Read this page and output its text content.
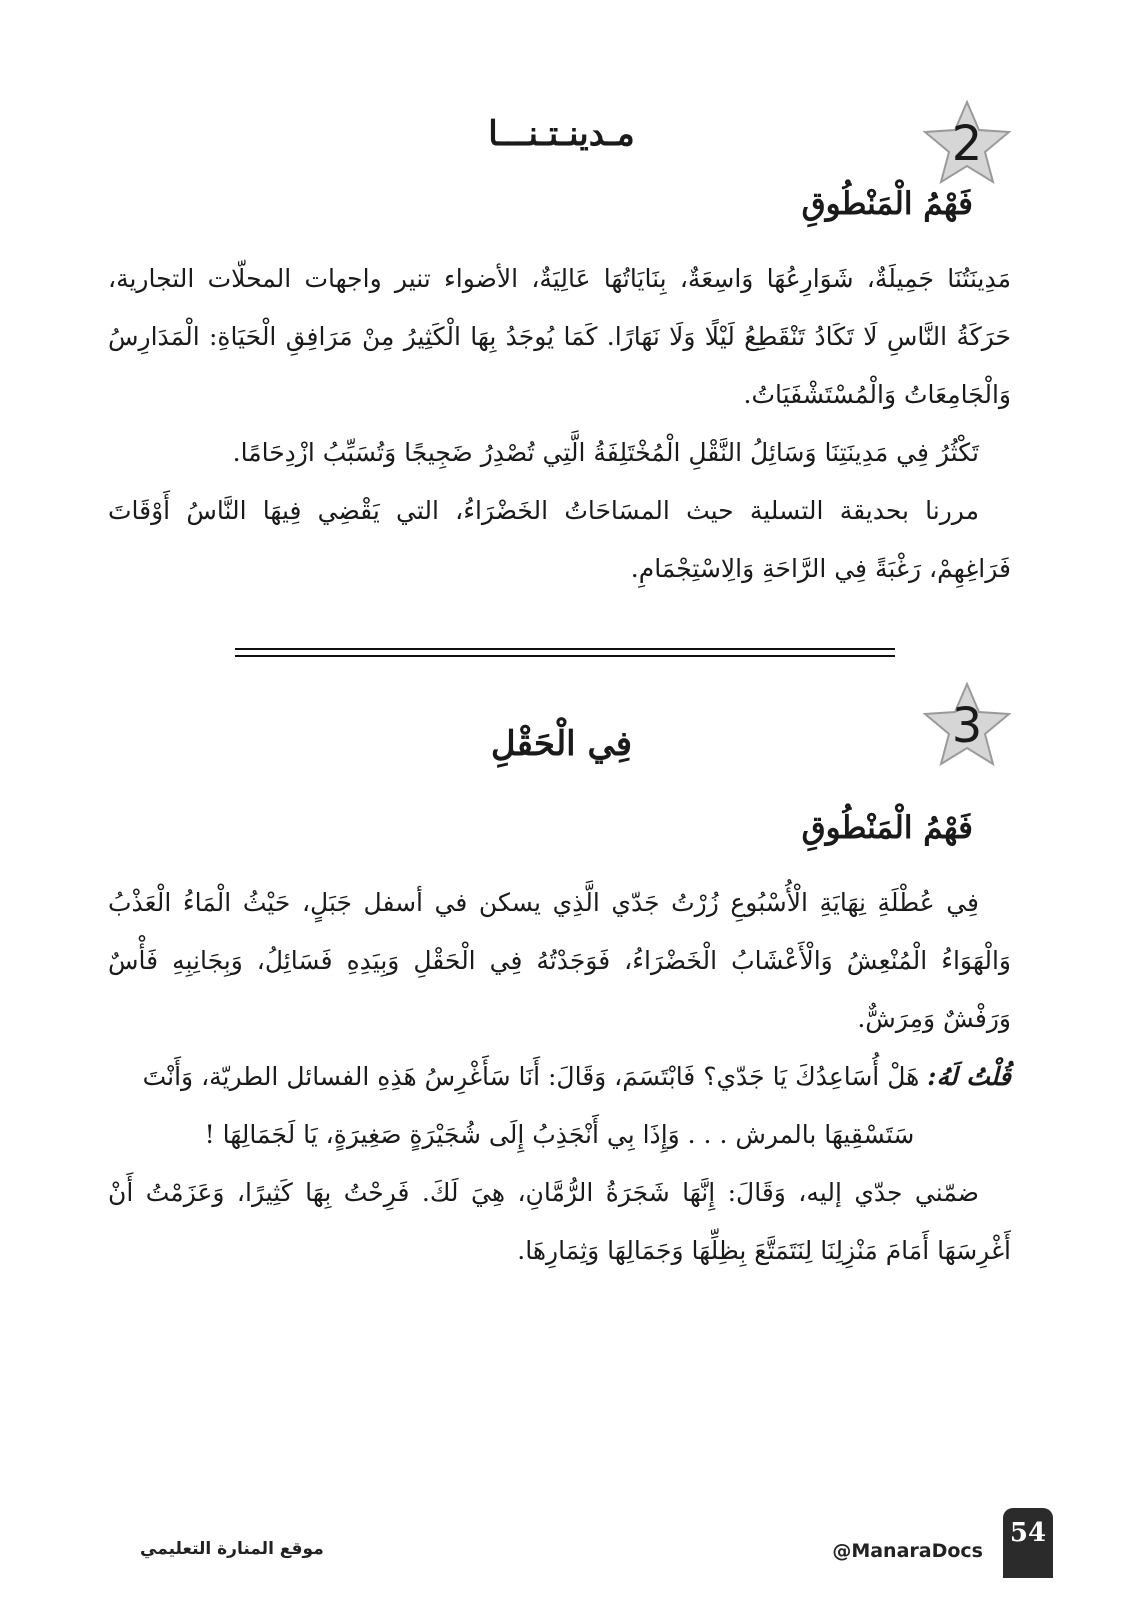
2
مـدينـتـنـــا
فَهْمُ الْمَنْطُوقِ

مَدِينَتُنَا جَمِيلَةٌ، شَوَارِعُهَا وَاسِعَةٌ، بِنَايَاتُهَا عَالِيَةٌ، الأضواء تنير واجهات المحلّات التجارية، حَرَكَةُ النَّاسِ لَا تَكَادُ تَنْقَطِعُ لَيْلًا وَلَا نَهَارًا. كَمَا يُوجَدُ بِهَا الْكَثِيرُ مِنْ مَرَافِقِ الْحَيَاةِ: الْمَدَارِسُ وَالْجَامِعَاتُ وَالْمُسْتَشْفَيَاتُ.

تَكْثُرُ فِي مَدِينَتِنَا وَسَائِلُ النَّقْلِ الْمُخْتَلِفَةُ الَّتِي تُصْدِرُ ضَجِيجًا وَتُسَبِّبُ ازْدِحَامًا.

مررنا بحديقة التسلية حيث المسَاحَاتُ الخَضْرَاءُ، التي يَقْضِي فِيهَا النَّاسُ أَوْقَاتَ فَرَاغِهِمْ، رَغْبَةً فِي الرَّاحَةِ وَالِاسْتِجْمَامِ.

3
فِي الْحَقْلِ
فَهْمُ الْمَنْطُوقِ

فِي عُطْلَةِ نِهَايَةِ الْأُسْبُوعِ زُرْتُ جَدّي الَّذِي يسكن في أسفل جَبَلٍ، حَيْثُ الْمَاءُ الْعَذْبُ وَالْهَوَاءُ الْمُنْعِشُ وَالْأَعْشَابُ الْخَضْرَاءُ، فَوَجَدْتُهُ فِي الْحَقْلِ وَبِيَدِهِ فَسَائِلُ، وَبِجَانِبِهِ فَأْسٌ وَرَفْشٌ وَمِرَشٌّ.

قُلْتُ لَهُ: هَلْ أُسَاعِدُكَ يَا جَدّي؟ فَابْتَسَمَ، وَقَالَ: أَنَا سَأَغْرِسُ هَذِهِ الفسائل الطريّة، وَأَنْتَ

سَتَسْقِيهَا بالمرش . . . وَإِذَا بِي أَنْجَذِبُ إِلَى شُجَيْرَةٍ صَغِيرَةٍ، يَا لَجَمَالِهَا !

ضمّني جدّي إليه، وَقَالَ: إِنَّهَا شَجَرَةُ الرُّمَّانِ، هِيَ لَكَ. فَرِحْتُ بِهَا كَثِيرًا، وَعَزَمْتُ أَنْ أَغْرِسَهَا أَمَامَ مَنْزِلِنَا لِنَتَمَتَّعَ بِظِلِّهَا وَجَمَالِهَا وَثِمَارِهَا.

54
@ManaraDocs
موقع المنارة التعليمي
